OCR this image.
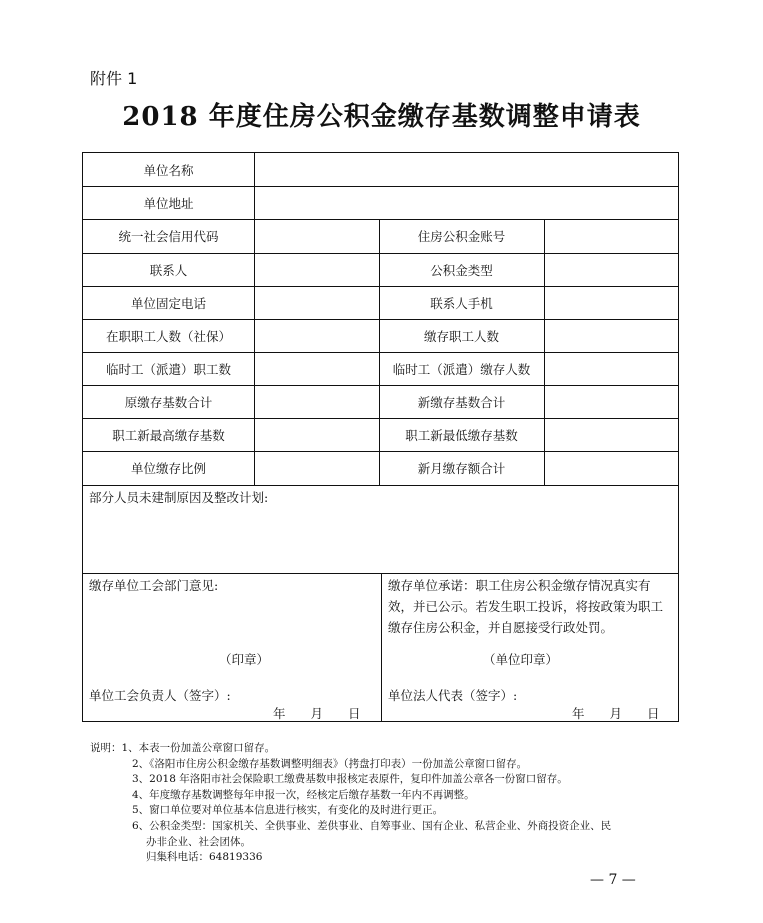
附件 1
2018 年度住房公积金缴存基数调整申请表
单位名称
单位地址
统一社会信用代码	住房公积金账号
联系人	公积金类型
单位固定电话	联系人手机
在职职工人数（社保）	缴存职工人数
临时工（派遣）职工数	临时工（派遣）缴存人数
原缴存基数合计	新缴存基数合计
职工新最高缴存基数	职工新最低缴存基数
单位缴存比例	新月缴存额合计
部分人员未建制原因及整改计划:
缴存单位工会部门意见:
（印章）
单位工会负责人（签字）:
年　　月　　日
缴存单位承诺：职工住房公积金缴存情况真实有效，并已公示。若发生职工投诉，将按政策为职工缴存住房公积金，并自愿接受行政处罚。
（单位印章）
单位法人代表（签字）:
年　　月　　日
说明：1、本表一份加盖公章窗口留存。
2、《洛阳市住房公积金缴存基数调整明细表》（拷盘打印表）一份加盖公章窗口留存。
3、2018 年洛阳市社会保险职工缴费基数申报核定表原件，复印件加盖公章各一份窗口留存。
4、年度缴存基数调整每年申报一次，经核定后缴存基数一年内不再调整。
5、窗口单位要对单位基本信息进行核实，有变化的及时进行更正。
6、公积金类型：国家机关、全供事业、差供事业、自筹事业、国有企业、私营企业、外商投资企业、民
办非企业、社会团体。
归集科电话：64819336
— 7 —
